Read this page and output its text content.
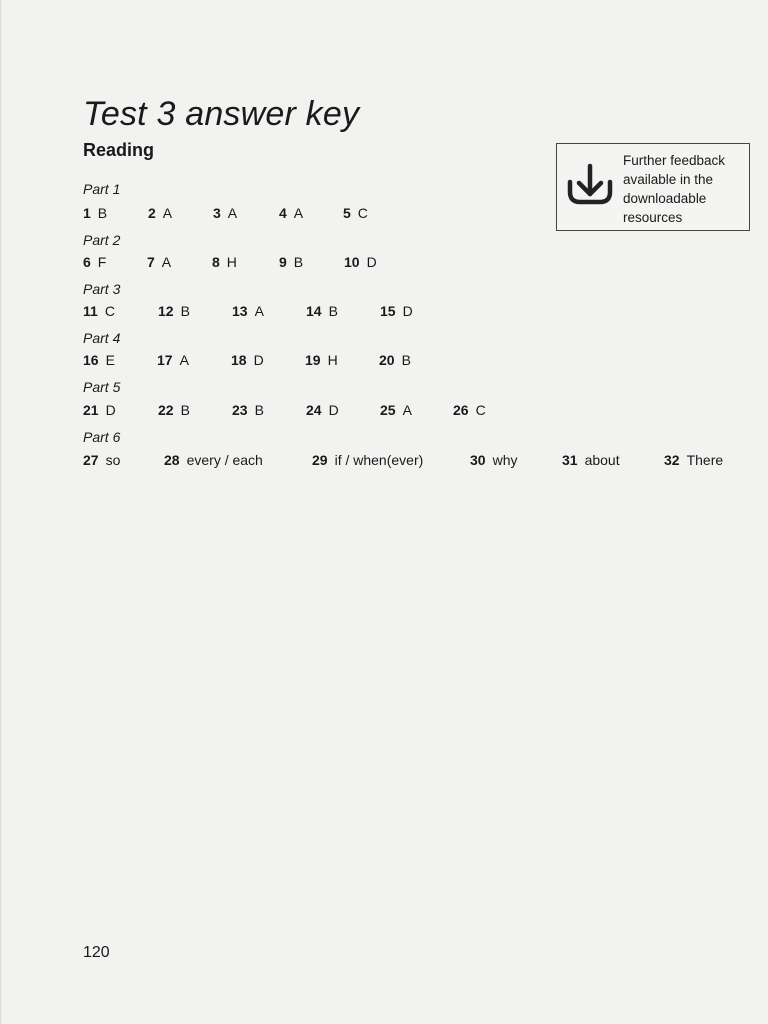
Test 3 answer key
Reading
Part 1
1 B	2 A	3 A	4 A	5 C
Part 2
6 F	7 A	8 H	9 B	10 D
Part 3
11 C	12 B	13 A	14 B	15 D
Part 4
16 E	17 A	18 D	19 H	20 B
Part 5
21 D	22 B	23 B	24 D	25 A	26 C
Part 6
27 so	28 every / each	29 if / when(ever)	30 why	31 about	32 There
Further feedback
available in the
downloadable
resources
120
